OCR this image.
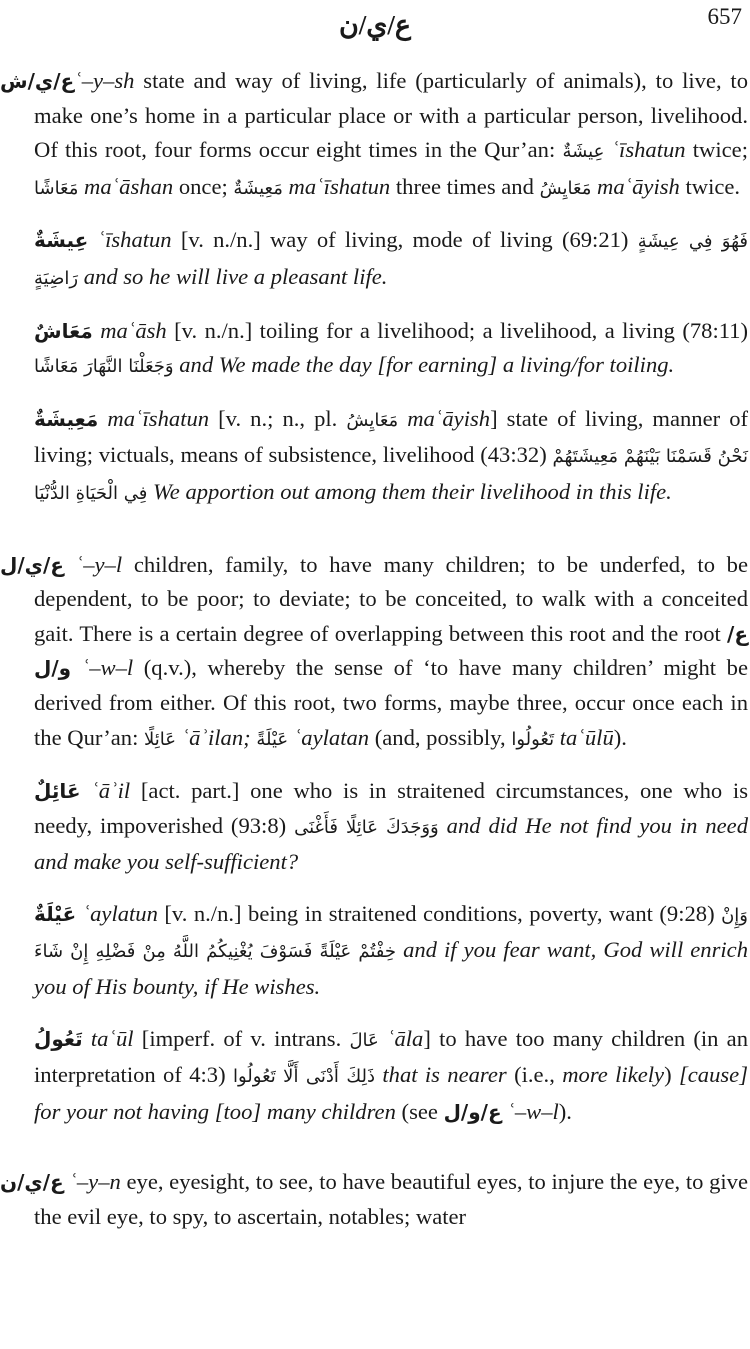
ع/ي/ن	657

ع/ي/شʿ–y–sh state and way of living, life (particularly of animals), to live, to make one’s home in a particular place or with a particular person, livelihood. Of this root, four forms occur eight times in the Qur’an: عِيشَةٌ ʿīshatun twice; مَعَاشًا maʿāshan once; مَعِيشَةٌ maʿīshatun three times and مَعَايِشُ maʿāyish twice.

عِيشَةٌ ʿīshatun [v. n./n.] way of living, mode of living (69:21) فَهُوَ فِي عِيشَةٍ رَاضِيَةٍ and so he will live a pleasant life.

مَعَاشٌ maʿāsh [v. n./n.] toiling for a livelihood; a livelihood, a living (78:11) وَجَعَلْنَا النَّهَارَ مَعَاشًا and We made the day [for earning] a living/for toiling.

مَعِيشَةٌ maʿīshatun [v. n.; n., pl. مَعَايِشُ maʿāyish] state of living, manner of living; victuals, means of subsistence, livelihood (43:32) نَحْنُ قَسَمْنَا بَيْنَهُمْ مَعِيشَتَهُمْ فِي الْحَيَاةِ الدُّنْيَا We apportion out among them their livelihood in this life.

ع/ي/ل ʿ–y–l children, family, to have many children; to be underfed, to be dependent, to be poor; to deviate; to be conceited, to walk with a conceited gait. There is a certain degree of overlapping between this root and the root ع/و/ل ʿ–w–l (q.v.), whereby the sense of ‘to have many children’ might be derived from either. Of this root, two forms, maybe three, occur once each in the Qur’an: عَائِلًا ʿāʾilan; عَيْلَةً ʿaylatan (and, possibly, تَعُولُوا taʿūlū).

عَائِلٌ ʿāʾil [act. part.] one who is in straitened circumstances, one who is needy, impoverished (93:8) وَوَجَدَكَ عَائِلًا فَأَغْنَى and did He not find you in need and make you self-sufficient?

عَيْلَةٌ ʿaylatun [v. n./n.] being in straitened conditions, poverty, want (9:28) وَإِنْ خِفْتُمْ عَيْلَةً فَسَوْفَ يُغْنِيكُمُ اللَّهُ مِنْ فَضْلِهِ إِنْ شَاءَ and if you fear want, God will enrich you of His bounty, if He wishes.

تَعُولُ taʿūl [imperf. of v. intrans. عَالَ ʿāla] to have too many children (in an interpretation of 4:3) ذَلِكَ أَدْنَى أَلَّا تَعُولُوا that is nearer (i.e., more likely) [cause] for your not having [too] many children (see ع/و/ل ʿ–w–l).

ع/ي/ن ʿ–y–n eye, eyesight, to see, to have beautiful eyes, to injure the eye, to give the evil eye, to spy, to ascertain, notables; water
